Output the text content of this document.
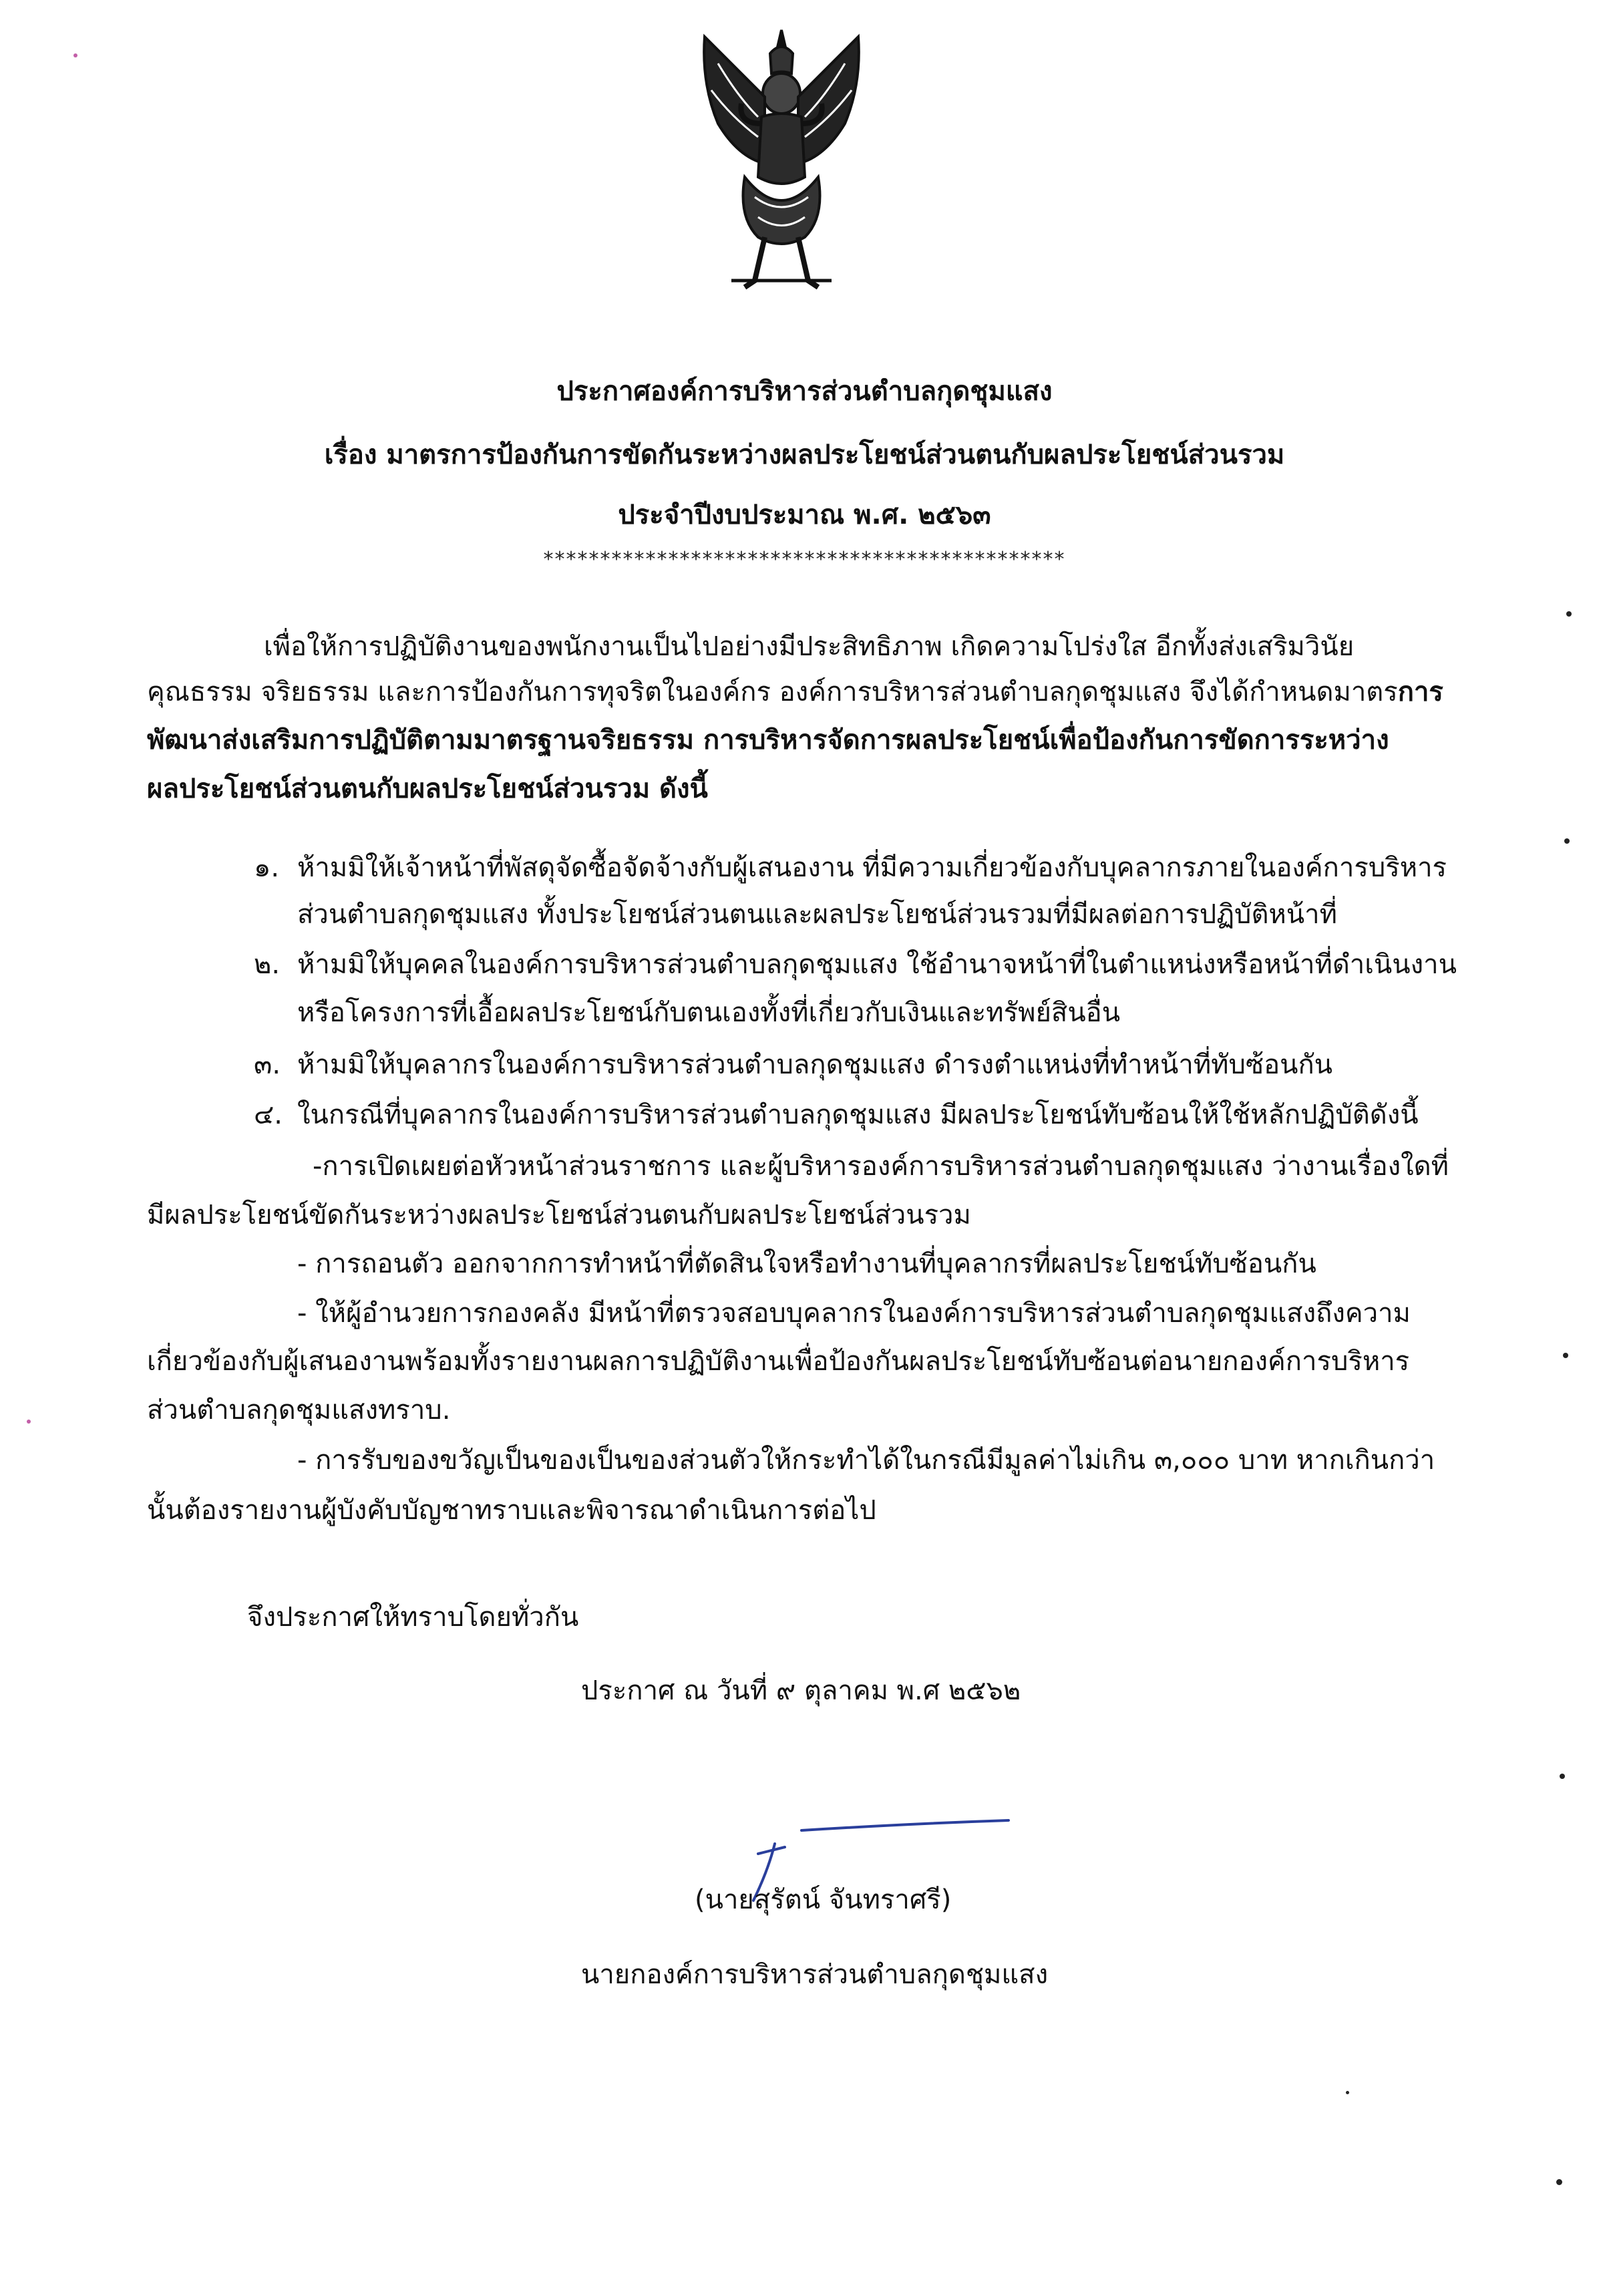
ประกาศองค์การบริหารส่วนตำบลกุดชุมแสง
เรื่อง มาตรการป้องกันการขัดกันระหว่างผลประโยชน์ส่วนตนกับผลประโยชน์ส่วนรวม
ประจำปีงบประมาณ พ.ศ. ๒๕๖๓
**********************************************
เพื่อให้การปฏิบัติงานของพนักงานเป็นไปอย่างมีประสิทธิภาพ เกิดความโปร่งใส อีกทั้งส่งเสริมวินัย
คุณธรรม จริยธรรม และการป้องกันการทุจริตในองค์กร องค์การบริหารส่วนตำบลกุดชุมแสง จึงได้กำหนดมาตรการ
พัฒนาส่งเสริมการปฏิบัติตามมาตรฐานจริยธรรม การบริหารจัดการผลประโยชน์เพื่อป้องกันการขัดการระหว่าง
ผลประโยชน์ส่วนตนกับผลประโยชน์ส่วนรวม ดังนี้
๑. ห้ามมิให้เจ้าหน้าที่พัสดุจัดซื้อจัดจ้างกับผู้เสนองาน ที่มีความเกี่ยวข้องกับบุคลากรภายในองค์การบริหาร
ส่วนตำบลกุดชุมแสง ทั้งประโยชน์ส่วนตนและผลประโยชน์ส่วนรวมที่มีผลต่อการปฏิบัติหน้าที่
๒. ห้ามมิให้บุคคลในองค์การบริหารส่วนตำบลกุดชุมแสง ใช้อำนาจหน้าที่ในตำแหน่งหรือหน้าที่ดำเนินงาน
หรือโครงการที่เอื้อผลประโยชน์กับตนเองทั้งที่เกี่ยวกับเงินและทรัพย์สินอื่น
๓. ห้ามมิให้บุคลากรในองค์การบริหารส่วนตำบลกุดชุมแสง ดำรงตำแหน่งที่ทำหน้าที่ทับซ้อนกัน
๔. ในกรณีที่บุคลากรในองค์การบริหารส่วนตำบลกุดชุมแสง มีผลประโยชน์ทับซ้อนให้ใช้หลักปฏิบัติดังนี้
-การเปิดเผยต่อหัวหน้าส่วนราชการ และผู้บริหารองค์การบริหารส่วนตำบลกุดชุมแสง ว่างานเรื่องใดที่
มีผลประโยชน์ขัดกันระหว่างผลประโยชน์ส่วนตนกับผลประโยชน์ส่วนรวม
- การถอนตัว ออกจากการทำหน้าที่ตัดสินใจหรือทำงานที่บุคลากรที่ผลประโยชน์ทับซ้อนกัน
- ให้ผู้อำนวยการกองคลัง มีหน้าที่ตรวจสอบบุคลากรในองค์การบริหารส่วนตำบลกุดชุมแสงถึงความ
เกี่ยวข้องกับผู้เสนองานพร้อมทั้งรายงานผลการปฏิบัติงานเพื่อป้องกันผลประโยชน์ทับซ้อนต่อนายกองค์การบริหาร
ส่วนตำบลกุดชุมแสงทราบ.
- การรับของขวัญเป็นของเป็นของส่วนตัวให้กระทำได้ในกรณีมีมูลค่าไม่เกิน ๓,๐๐๐ บาท หากเกินกว่า
นั้นต้องรายงานผู้บังคับบัญชาทราบและพิจารณาดำเนินการต่อไป
จึงประกาศให้ทราบโดยทั่วกัน
ประกาศ ณ วันที่ ๙ ตุลาคม พ.ศ ๒๕๖๒
(นายสุรัตน์ จันทราศรี)
นายกองค์การบริหารส่วนตำบลกุดชุมแสง
